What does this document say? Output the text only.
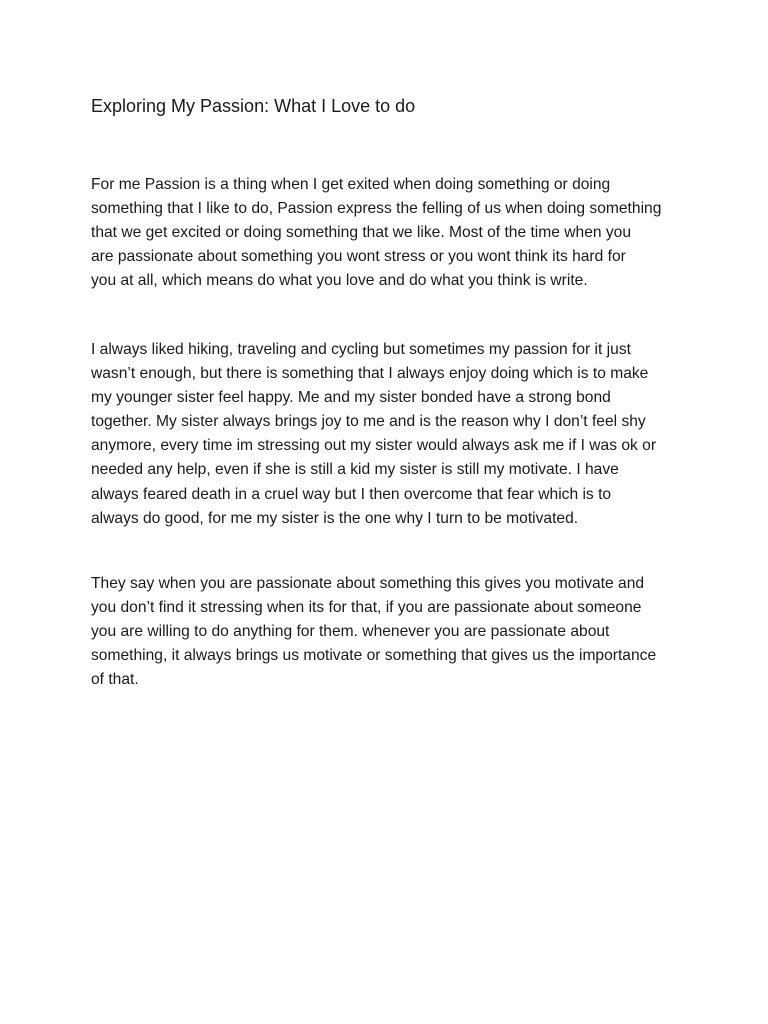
Exploring My Passion: What I Love to do

For me Passion is a thing when I get exited when doing something or doing
something that I like to do, Passion express the felling of us when doing something
that we get excited or doing something that we like. Most of the time when you
are passionate about something you wont stress or you wont think its hard for
you at all, which means do what you love and do what you think is write.

I always liked hiking, traveling and cycling but sometimes my passion for it just
wasn’t enough, but there is something that I always enjoy doing which is to make
my younger sister feel happy. Me and my sister bonded have a strong bond
together. My sister always brings joy to me and is the reason why I don’t feel shy
anymore, every time im stressing out my sister would always ask me if I was ok or
needed any help, even if she is still a kid my sister is still my motivate. I have
always feared death in a cruel way but I then overcome that fear which is to
always do good, for me my sister is the one why I turn to be motivated.

They say when you are passionate about something this gives you motivate and
you don’t find it stressing when its for that, if you are passionate about someone
you are willing to do anything for them. whenever you are passionate about
something, it always brings us motivate or something that gives us the importance
of that.
